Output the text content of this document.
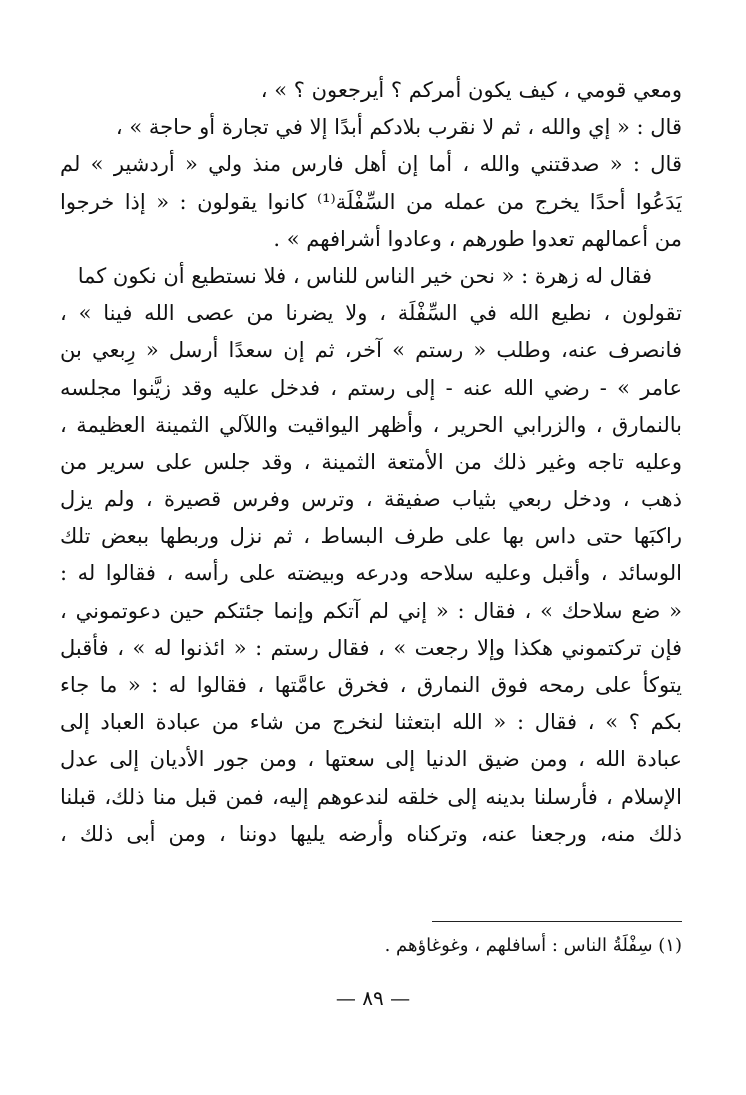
ومعي قومي ، كيف يكون أمركم ؟ أيرجعون ؟ » ،
قال : « إي والله ، ثم لا نقرب بلادكم أبدًا إلا في تجارة أو حاجة » ،
قال : « صدقتني والله ، أما إن أهل فارس منذ ولي « أردشير » لم
يَدَعُوا أحدًا يخرج من عمله من السِّفْلَة⁽¹⁾ كانوا يقولون : « إذا خرجوا
من أعمالهم تعدوا طورهم ، وعادوا أشرافهم » .
فقال له زهرة : « نحن خير الناس للناس ، فلا نستطيع أن نكون كما
تقولون ، نطيع الله في السِّفْلَة ، ولا يضرنا من عصى الله فينا » ،
فانصرف عنه، وطلب « رستم » آخر، ثم إن سعدًا أرسل « رِبعي بن
عامر » - رضي الله عنه - إلى رستم ، فدخل عليه وقد زيَّنوا مجلسه
بالنمارق ، والزرابي الحرير ، وأظهر اليواقيت واللآلي الثمينة العظيمة ،
وعليه تاجه وغير ذلك من الأمتعة الثمينة ، وقد جلس على سرير من
ذهب ، ودخل ربعي بثياب صفيقة ، وترس وفرس قصيرة ، ولم يزل
راكبَها حتى داس بها على طرف البساط ، ثم نزل وربطها ببعض تلك
الوسائد ، وأقبل وعليه سلاحه ودرعه وبيضته على رأسه ، فقالوا له :
« ضع سلاحك » ، فقال : « إني لم آتكم وإنما جئتكم حين دعوتموني ،
فإن تركتموني هكذا وإلا رجعت » ، فقال رستم : « ائذنوا له » ، فأقبل
يتوكأ على رمحه فوق النمارق ، فخرق عامَّتها ، فقالوا له : « ما جاء
بكم ؟ » ، فقال : « الله ابتعثنا لنخرج من شاء من عبادة العباد إلى
عبادة الله ، ومن ضيق الدنيا إلى سعتها ، ومن جور الأديان إلى عدل
الإسلام ، فأرسلنا بدينه إلى خلقه لندعوهم إليه، فمن قبل منا ذلك، قبلنا
ذلك منه، ورجعنا عنه، وتركناه وأرضه يليها دوننا ، ومن أبى ذلك ،
(١) سِفْلَةُ الناس : أسافلهم ، وغوغاؤهم .
— ٨٩ —
